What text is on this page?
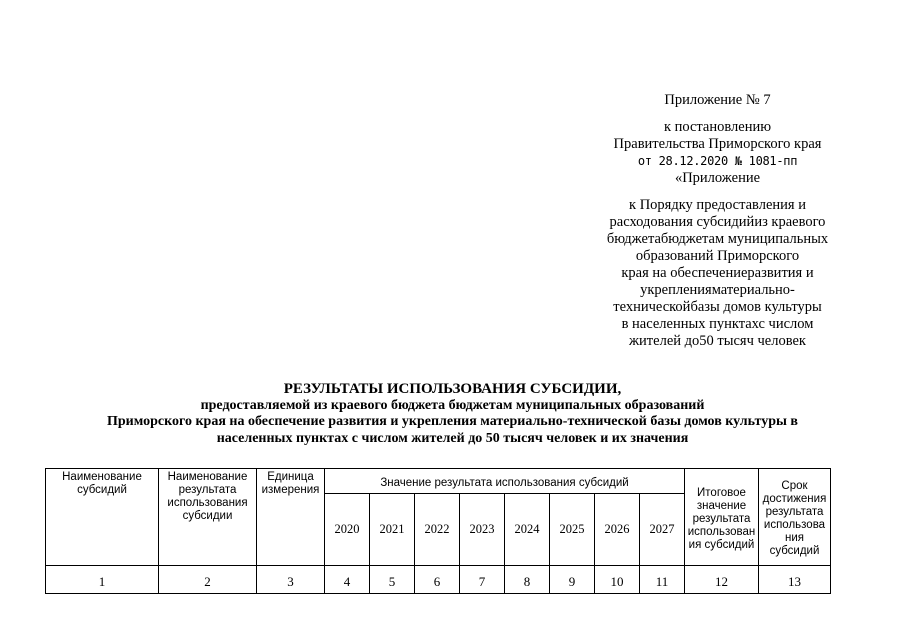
Приложение № 7
к постановлению
Правительства Приморского края
от 28.12.2020 № 1081-пп
«Приложение
к Порядку предоставления и
расходования субсидийиз краевого
бюджетабюджетам муниципальных
образований Приморского
края на обеспечениеразвития и
укрепленияматериально-
техническойбазы домов культуры
в населенных пунктахс числом
жителей до50 тысяч человек
РЕЗУЛЬТАТЫ ИСПОЛЬЗОВАНИЯ СУБСИДИИ,
предоставляемой из краевого бюджета бюджетам муниципальных образований
Приморского края на обеспечение развития и укрепления материально-технической базы домов культуры в
населенных пунктах с числом жителей до 50 тысяч человек и их значения
Наименование субсидий	Наименование результата использования субсидии	Единица измерения	Значение результата использования субсидий								Итоговое значение результата использован ия субсидий	Срок достижения результата использова ния субсидий
			2020	2021	2022	2023	2024	2025	2026	2027		
1	2	3	4	5	6	7	8	9	10	11	12	13
